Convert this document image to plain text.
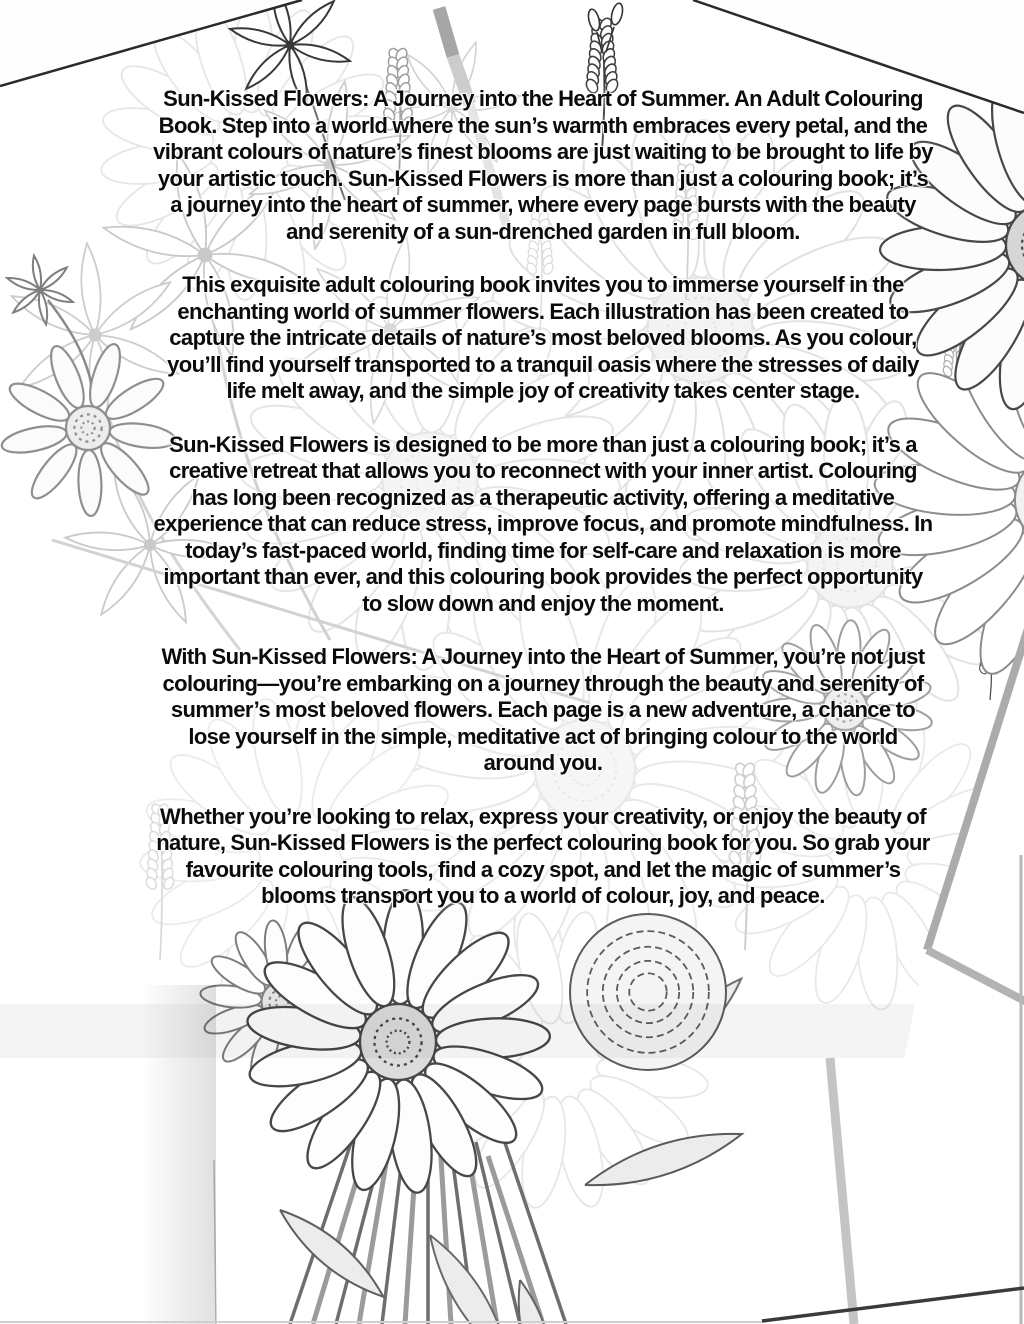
Sun-Kissed Flowers: A Journey into the Heart of Summer. An Adult Colouring Book. Step into a world where the sun’s warmth embraces every petal, and the vibrant colours of nature’s finest blooms are just waiting to be brought to life by your artistic touch. Sun-Kissed Flowers is more than just a colouring book; it’s a journey into the heart of summer, where every page bursts with the beauty and serenity of a sun-drenched garden in full bloom.

This exquisite adult colouring book invites you to immerse yourself in the enchanting world of summer flowers. Each illustration has been created to capture the intricate details of nature’s most beloved blooms. As you colour, you’ll find yourself transported to a tranquil oasis where the stresses of daily life melt away, and the simple joy of creativity takes center stage.

Sun-Kissed Flowers is designed to be more than just a colouring book; it’s a creative retreat that allows you to reconnect with your inner artist. Colouring has long been recognized as a therapeutic activity, offering a meditative experience that can reduce stress, improve focus, and promote mindfulness. In today’s fast-paced world, finding time for self-care and relaxation is more important than ever, and this colouring book provides the perfect opportunity to slow down and enjoy the moment.

With Sun-Kissed Flowers: A Journey into the Heart of Summer, you’re not just colouring—you’re embarking on a journey through the beauty and serenity of summer’s most beloved flowers. Each page is a new adventure, a chance to lose yourself in the simple, meditative act of bringing colour to the world around you.

Whether you’re looking to relax, express your creativity, or enjoy the beauty of nature, Sun-Kissed Flowers is the perfect colouring book for you. So grab your favourite colouring tools, find a cozy spot, and let the magic of summer’s blooms transport you to a world of colour, joy, and peace.
